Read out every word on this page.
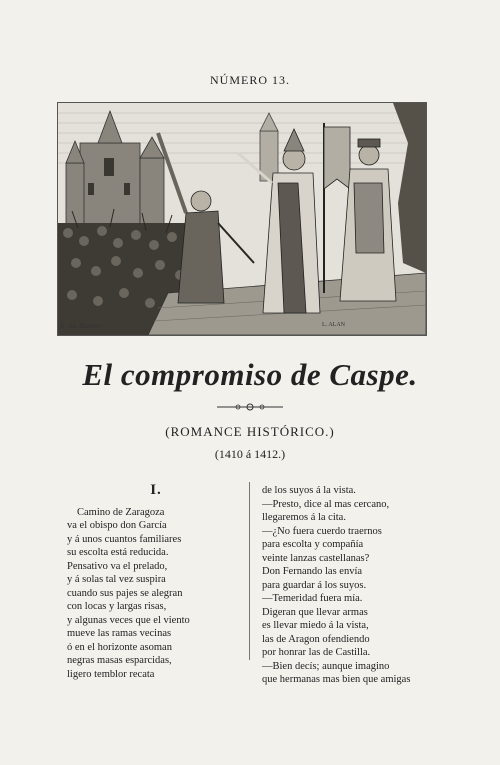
NÚMERO 13.
E. Jus Dicuber	L. ALAN
El compromiso de Caspe.
(ROMANCE HISTÓRICO.)
(1410 á 1412.)
I.
Camino de Zaragoza
va el obispo don García
y á unos cuantos familiares
su escolta está reducida.
Pensativo va el prelado,
y á solas tal vez suspira
cuando sus pajes se alegran
con locas y largas risas,
y algunas veces que el viento
mueve las ramas vecinas
ó en el horizonte asoman
negras masas esparcidas,
ligero temblor recata
de los suyos á la vista.
—Presto, dice al mas cercano,
llegaremos á la cita.
—¿No fuera cuerdo traernos
para escolta y compañía
veinte lanzas castellanas?
Don Fernando las envía
para guardar á los suyos.
—Temeridad fuera mía.
Digeran que llevar armas
es llevar miedo á la vista,
las de Aragon ofendiendo
por honrar las de Castilla.
—Bien decís; aunque imagino
que hermanas mas bien que amigas
